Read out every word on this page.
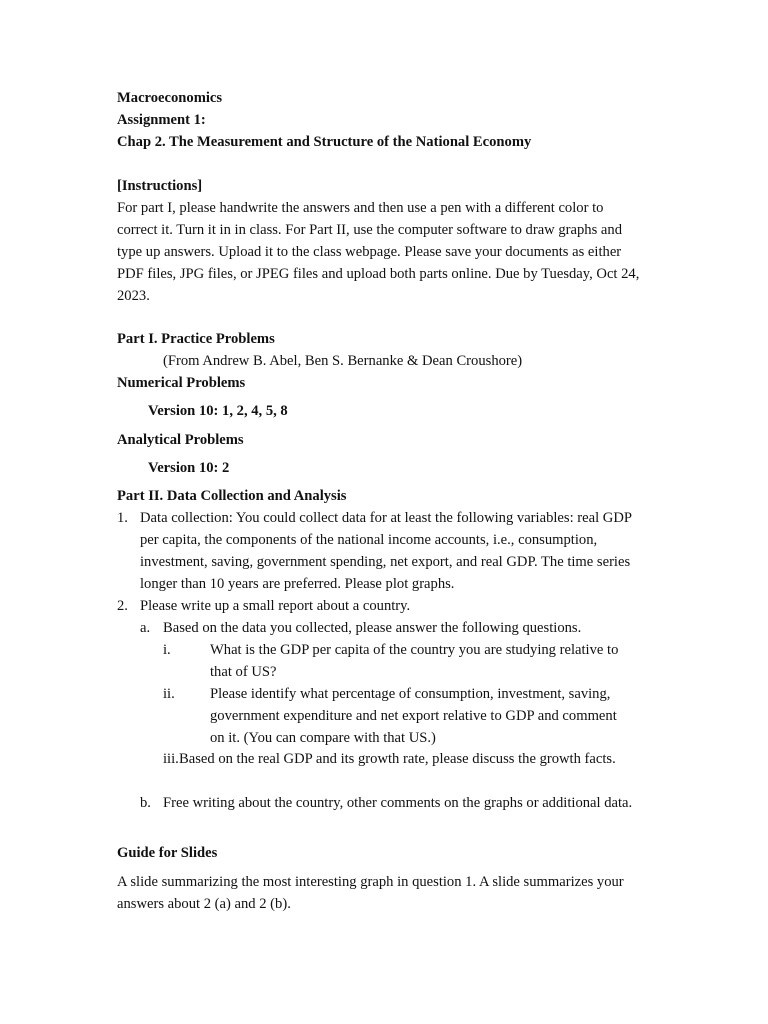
Macroeconomics
Assignment 1:
Chap 2. The Measurement and Structure of the National Economy
[Instructions]
For part I, please handwrite the answers and then use a pen with a different color to
correct it. Turn it in in class. For Part II, use the computer software to draw graphs and
type up answers. Upload it to the class webpage. Please save your documents as either
PDF files, JPG files, or JPEG files and upload both parts online. Due by Tuesday, Oct 24,
2023.
Part I. Practice Problems
(From Andrew B. Abel, Ben S. Bernanke & Dean Croushore)
Numerical Problems
Version 10: 1, 2, 4, 5, 8
Analytical Problems
Version 10: 2
Part II. Data Collection and Analysis
1. Data collection: You could collect data for at least the following variables: real GDP
per capita, the components of the national income accounts, i.e., consumption,
investment, saving, government spending, net export, and real GDP. The time series
longer than 10 years are preferred. Please plot graphs.
2. Please write up a small report about a country.
a. Based on the data you collected, please answer the following questions.
i.	What is the GDP per capita of the country you are studying relative to
that of US?
ii. Please identify what percentage of consumption, investment, saving,
government expenditure and net export relative to GDP and comment
on it. (You can compare with that US.)
iii. Based on the real GDP and its growth rate, please discuss the growth facts.
b. Free writing about the country, other comments on the graphs or additional data.
Guide for Slides
A slide summarizing the most interesting graph in question 1. A slide summarizes your
answers about 2 (a) and 2 (b).
